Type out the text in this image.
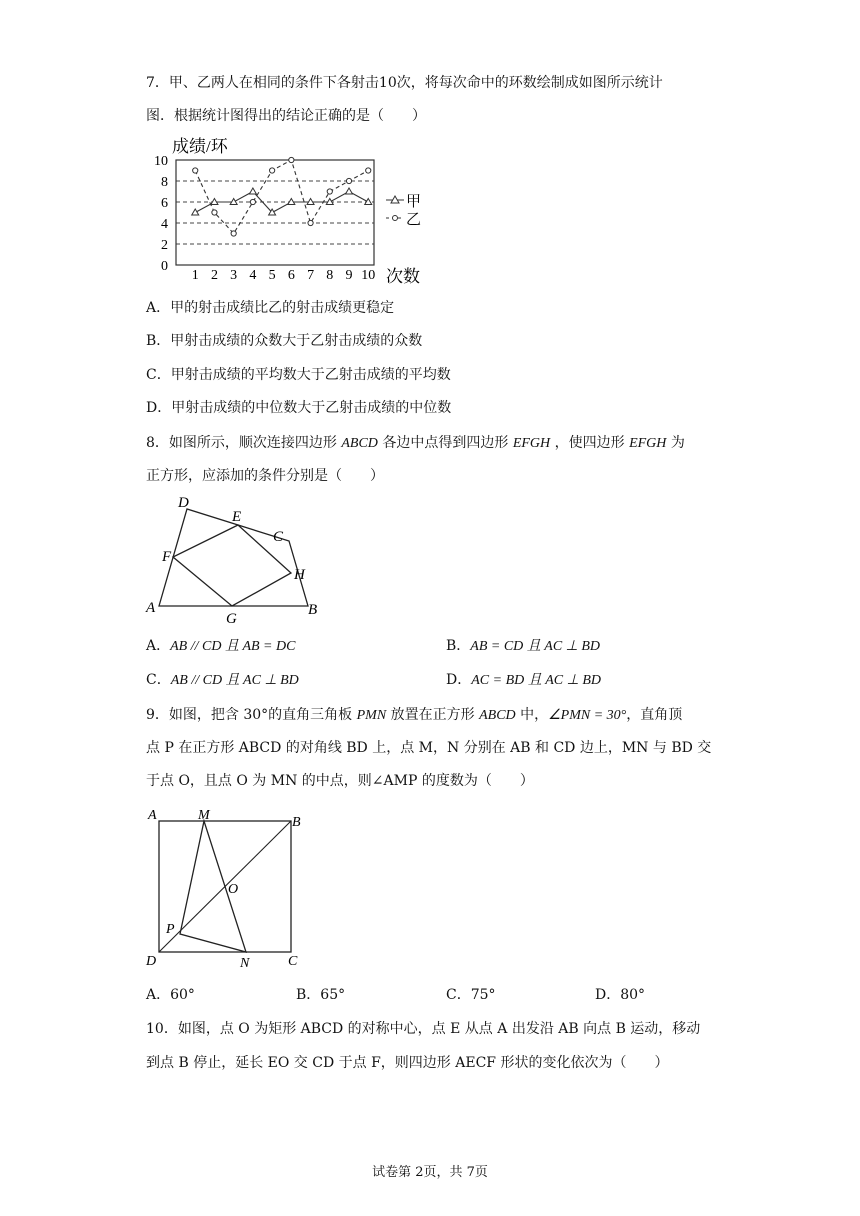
7．甲、乙两人在相同的条件下各射击10次，将每次命中的环数绘制成如图所示统计
图．根据统计图得出的结论正确的是（　　）
成绩/环
次数
0
2
4
6
8
10
1 2 3 4 5 6 7 8 9 10
甲
乙
A．甲的射击成绩比乙的射击成绩更稳定
B．甲射击成绩的众数大于乙射击成绩的众数
C．甲射击成绩的平均数大于乙射击成绩的平均数
D．甲射击成绩的中位数大于乙射击成绩的中位数
8．如图所示，顺次连接四边形 ABCD 各边中点得到四边形 EFGH ，使四边形 EFGH 为
正方形，应添加的条件分别是（　　）
D
E
C
F
H
A
G
B
A．AB // CD 且 AB = DC	B．AB = CD 且 AC ⊥ BD
C．AB // CD 且 AC ⊥ BD	D．AC = BD 且 AC ⊥ BD
9．如图，把含 30°的直角三角板 PMN 放置在正方形 ABCD 中，∠PMN = 30°，直角顶
点 P 在正方形 ABCD 的对角线 BD 上，点 M，N 分别在 AB 和 CD 边上，MN 与 BD 交
于点 O，且点 O 为 MN 的中点，则∠AMP 的度数为（　　）
A	M	B
O
P
D	N	C
A．60°	B．65°	C．75°	D．80°
10．如图，点 O 为矩形 ABCD 的对称中心，点 E 从点 A 出发沿 AB 向点 B 运动，移动
到点 B 停止，延长 EO 交 CD 于点 F，则四边形 AECF 形状的变化依次为（　　）
试卷第 2页，共 7页
